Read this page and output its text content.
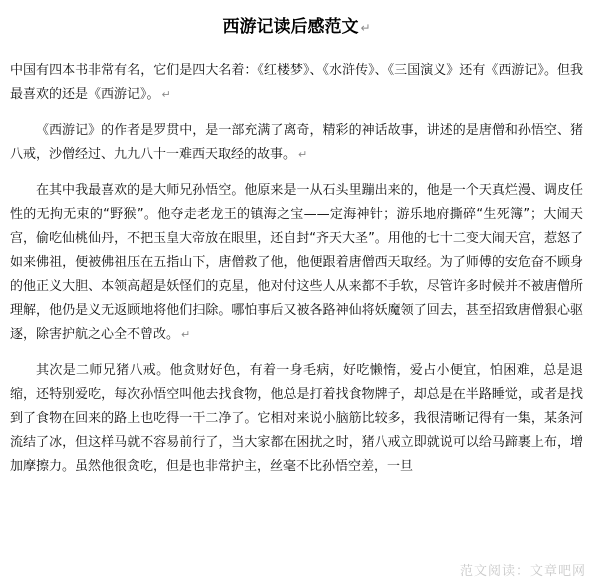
西游记读后感范文 ↵

中国有四本书非常有名，它们是四大名着：《红楼梦》、《水浒传》、《三国演义》还有《西游记》。但我最喜欢的还是《西游记》。 ↵

《西游记》的作者是罗贯中，是一部充满了离奇，精彩的神话故事，讲述的是唐僧和孙悟空、猪八戒，沙僧经过、九九八十一难西天取经的故事。 ↵

在其中我最喜欢的是大师兄孙悟空。他原来是一从石头里蹦出来的，他是一个天真烂漫、调皮任性的无拘无束的“野猴”。他夺走老龙王的镇海之宝——定海神针；游乐地府撕碎“生死簿”；大闹天宫，偷吃仙桃仙丹，不把玉皇大帝放在眼里，还自封“齐天大圣”。用他的七十二变大闹天宫，惹怒了如来佛祖，便被佛祖压在五指山下，唐僧救了他，他便跟着唐僧西天取经。为了师傅的安危奋不顾身的他正义大胆、本领高超是妖怪们的克星，他对付这些人从来都不手软，尽管许多时候并不被唐僧所理解，他仍是义无返顾地将他们扫除。哪怕事后又被各路神仙将妖魔领了回去，甚至招致唐僧狠心驱逐，除害护航之心全不曾改。 ↵

其次是二师兄猪八戒。他贪财好色，有着一身毛病，好吃懒惰，爱占小便宜，怕困难，总是退缩，还特别爱吃，每次孙悟空叫他去找食物，他总是打着找食物牌子，却总是在半路睡觉，或者是找到了食物在回来的路上也吃得一干二净了。它相对来说小脑筋比较多，我很清晰记得有一集，某条河流结了冰，但这样马就不容易前行了，当大家都在困扰之时，猪八戒立即就说可以给马蹄裹上布，增加摩擦力。虽然他很贪吃，但是也非常护主，丝毫不比孙悟空差，一旦

范文阅读：文章吧网
